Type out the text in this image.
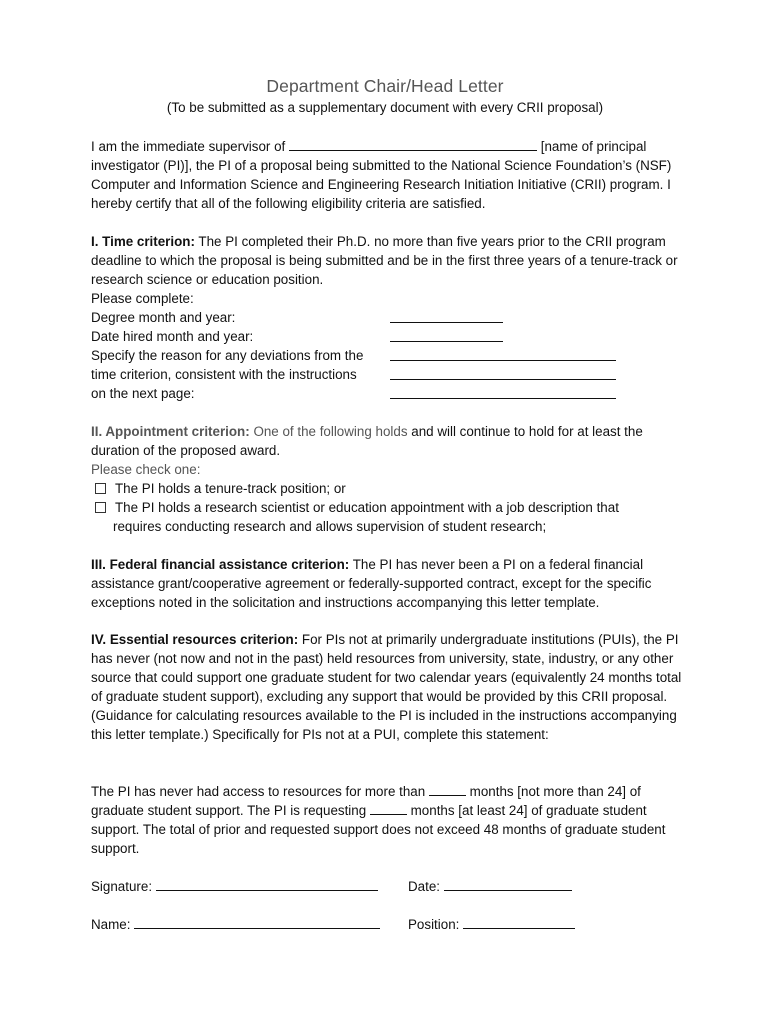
Department Chair/Head Letter
(To be submitted as a supplementary document with every CRII proposal)

I am the immediate supervisor of	[name of principal investigator (PI)], the PI of a proposal being submitted to the National Science Foundation’s (NSF) Computer and Information Science and Engineering Research Initiation Initiative (CRII) program. I hereby certify that all of the following eligibility criteria are satisfied.

I. Time criterion: The PI completed their Ph.D. no more than five years prior to the CRII program deadline to which the proposal is being submitted and be in the first three years of a tenure-track or research science or education position.

Please complete:
Degree month and year:
Date hired month and year:
Specify the reason for any deviations from the
time criterion, consistent with the instructions
on the next page:

II. Appointment criterion: One of the following holds and will continue to hold for at least the duration of the proposed award.

Please check one:
The PI holds a tenure-track position; or
The PI holds a research scientist or education appointment with a job description that
requires conducting research and allows supervision of student research;

III. Federal financial assistance criterion: The PI has never been a PI on a federal financial assistance grant/cooperative agreement or federally-supported contract, except for the specific exceptions noted in the solicitation and instructions accompanying this letter template.

IV. Essential resources criterion: For PIs not at primarily undergraduate institutions (PUIs), the PI has never (not now and not in the past) held resources from university, state, industry, or any other source that could support one graduate student for two calendar years (equivalently 24 months total of graduate student support), excluding any support that would be provided by this CRII proposal. (Guidance for calculating resources available to the PI is included in the instructions accompanying this letter template.) Specifically for PIs not at a PUI, complete this statement:

The PI has never had access to resources for more than	months [not more than 24] of graduate student support. The PI is requesting	months [at least 24] of graduate student support. The total of prior and requested support does not exceed 48 months of graduate student support.

Signature:	Date:
Name:	Position:
